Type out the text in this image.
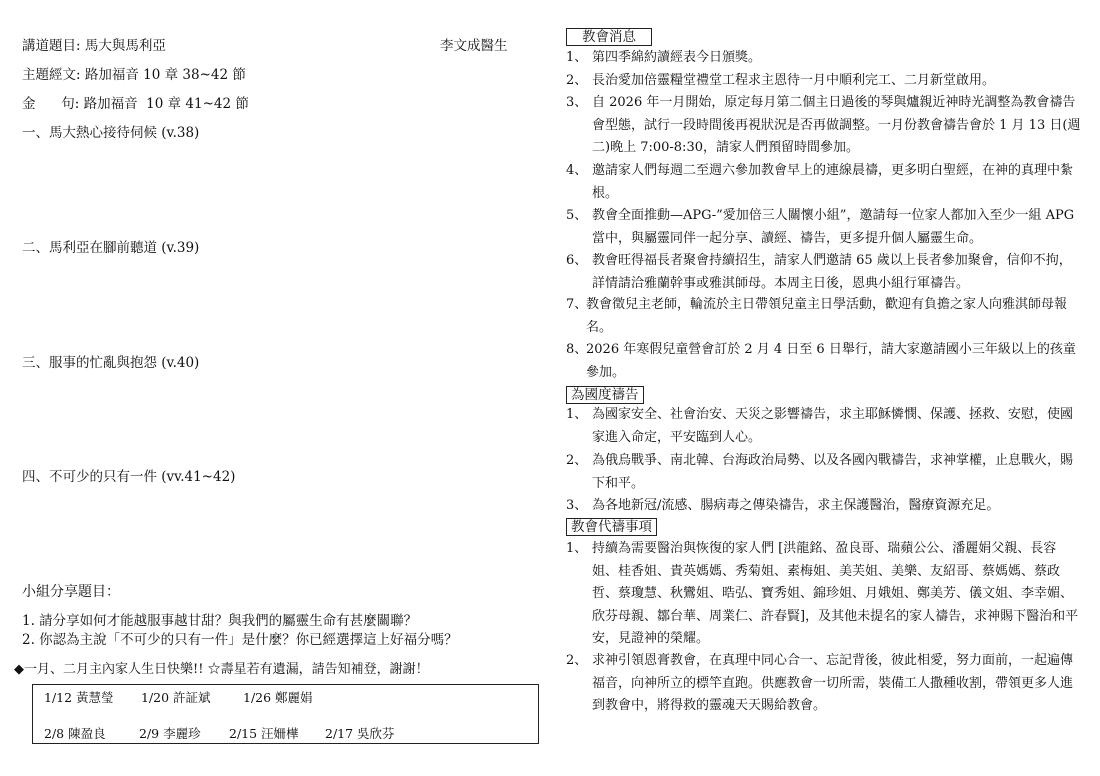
講道題目: 馬大與馬利亞	李文成醫生
主題經文: 路加福音 10 章 38~42 節
金      句: 路加福音  10 章 41~42 節
一、馬大熱心接待伺候 (v.38)
二、馬利亞在腳前聽道 (v.39)
三、服事的忙亂與抱怨 (v.40)
四、不可少的只有一件 (vv.41~42)
小組分享題目：
1. 請分享如何才能越服事越甘甜？與我們的屬靈生命有甚麼關聯？
2. 你認為主說「不可少的只有一件」是什麼？你已經選擇這上好福分嗎？
◆一月、二月主內家人生日快樂!! ☆壽星若有遺漏，請告知補登，謝謝！
1/12 黃慧瑩 1/20 許証斌	1/26 鄭麗娟
2/8 陳盈良	2/9 李麗珍 2/15 汪姍樺 2/17 吳欣芬
教會消息
1、 第四季綿約讀經表今日頒獎。
2、 長治愛加倍靈糧堂禮堂工程求主恩待一月中順利完工、二月新堂啟用。
3、 自 2026 年一月開始，原定每月第二個主日過後的琴與爐親近神時光調整為教會禱告會型態，試行一段時間後再視狀況是否再做調整。一月份教會禱告會於 1 月 13 日(週二)晚上 7:00-8:30，請家人們預留時間參加。
4、 邀請家人們每週二至週六參加教會早上的連線晨禱，更多明白聖經，在神的真理中紮根。
5、 教會全面推動—APG-”愛加倍三人關懷小組”，邀請每一位家人都加入至少一組 APG 當中，與屬靈同伴一起分享、讀經、禱告，更多提升個人屬靈生命。
6、 教會旺得福長者聚會持續招生，請家人們邀請 65 歲以上長者參加聚會，信仰不拘，詳情請洽雅蘭幹事或雅淇師母。本周主日後，恩典小組行軍禱告。
7、
教會徵兒主老師，輪流於主日帶領兒童主日學活動，歡迎有負擔之家人向雅淇師母報名。
8、
2026 年寒假兒童營會訂於 2 月 4 日至 6 日舉行，請大家邀請國小三年級以上的孩童參加。
為國度禱告
1、 為國家安全、社會治安、天災之影響禱告，求主耶穌憐憫、保護、拯救、安慰，使國家進入命定，平安臨到人心。
2、 為俄烏戰爭、南北韓、台海政治局勢、以及各國內戰禱告，求神掌權，止息戰火，賜下和平。
3、 為各地新冠/流感、腸病毒之傳染禱告，求主保護醫治，醫療資源充足。
教會代禱事項
1、 持續為需要醫治與恢復的家人們 [洪龍銘、盈良哥、瑞蘋公公、潘麗娟父親、長容姐、桂香姐、貴英媽媽、秀菊姐、素梅姐、美芙姐、美樂、友紹哥、蔡媽媽、蔡政哲、蔡瓊慧、秋鸞姐、晧弘、寶秀姐、錦珍姐、月娥姐、鄭美芳、儀文姐、李幸媚、欣芬母親、鄒台華、周業仁、許春賢]，及其他未提名的家人禱告，求神賜下醫治和平安，見證神的榮耀。
2、 求神引領恩膏教會，在真理中同心合一、忘記背後，彼此相愛，努力面前，一起遍傳福音，向神所立的標竿直跑。供應教會一切所需，裝備工人撒種收割，帶領更多人進到教會中，將得救的靈魂天天賜給教會。
